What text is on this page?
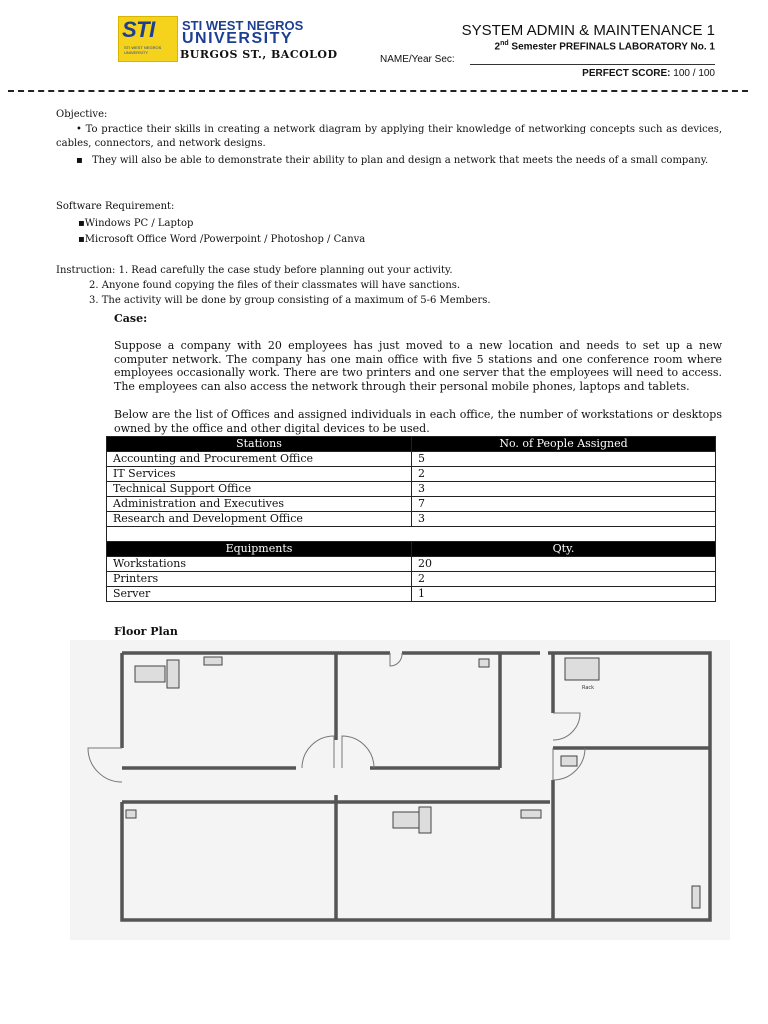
STI
STI WEST NEGROS UNIVERSITY
STI WEST NEGROS
UNIVERSITY
BURGOS ST., BACOLOD
SYSTEM ADMIN & MAINTENANCE 1
2nd Semester PREFINALS LABORATORY No. 1
NAME/Year Sec:
PERFECT SCORE: 100 / 100
Objective:
• To practice their skills in creating a network diagram by applying their knowledge of networking concepts such as devices, cables, connectors, and network designs.
▪ They will also be able to demonstrate their ability to plan and design a network that meets the needs of a small company.
Software Requirement:
▪Windows PC / Laptop
▪Microsoft Office Word /Powerpoint / Photoshop / Canva
Instruction: 1. Read carefully the case study before planning out your activity.
2. Anyone found copying the files of their classmates will have sanctions.
3. The activity will be done by group consisting of a maximum of 5-6 Members.
Case:
Suppose a company with 20 employees has just moved to a new location and needs to set up a new computer network. The company has one main office with five 5 stations and one conference room where employees occasionally work. There are two printers and one server that the employees will need to access. The employees can also access the network through their personal mobile phones, laptops and tablets.
Below are the list of Offices and assigned individuals in each office, the number of workstations or desktops owned by the office and other digital devices to be used.
Stations	No. of People Assigned
Accounting and Procurement Office	5
IT Services	2
Technical Support Office	3
Administration and Executives	7
Research and Development Office	3

Equipments	Qty.
Workstations	20
Printers	2
Server	1
Floor Plan
Rack
